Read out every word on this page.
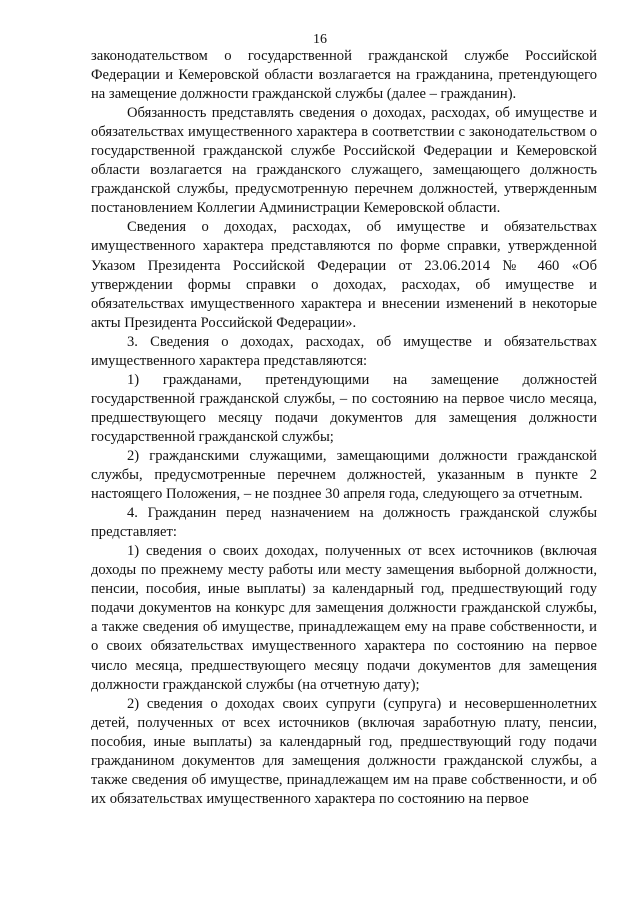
16

законодательством о государственной гражданской службе Российской Федерации и Кемеровской области возлагается на гражданина, претендующего на замещение должности гражданской службы (далее – гражданин).

Обязанность представлять сведения о доходах, расходах, об имуществе и обязательствах имущественного характера в соответствии с законодательством о государственной гражданской службе Российской Федерации и Кемеровской области возлагается на гражданского служащего, замещающего должность гражданской службы, предусмотренную перечнем должностей, утвержденным постановлением Коллегии Администрации Кемеровской области.

Сведения о доходах, расходах, об имуществе и обязательствах имущественного характера представляются по форме справки, утвержденной Указом Президента Российской Федерации от 23.06.2014 № 460 «Об утверждении формы справки о доходах, расходах, об имуществе и обязательствах имущественного характера и внесении изменений в некоторые акты Президента Российской Федерации».

3. Сведения о доходах, расходах, об имуществе и обязательствах имущественного характера представляются:

1) гражданами, претендующими на замещение должностей государственной гражданской службы, – по состоянию на первое число месяца, предшествующего месяцу подачи документов для замещения должности государственной гражданской службы;

2) гражданскими служащими, замещающими должности гражданской службы, предусмотренные перечнем должностей, указанным в пункте 2 настоящего Положения, – не позднее 30 апреля года, следующего за отчетным.

4. Гражданин перед назначением на должность гражданской службы представляет:

1) сведения о своих доходах, полученных от всех источников (включая доходы по прежнему месту работы или месту замещения выборной должности, пенсии, пособия, иные выплаты) за календарный год, предшествующий году подачи документов на конкурс для замещения должности гражданской службы, а также сведения об имуществе, принадлежащем ему на праве собственности, и о своих обязательствах имущественного характера по состоянию на первое число месяца, предшествующего месяцу подачи документов для замещения должности гражданской службы (на отчетную дату);

2) сведения о доходах своих супруги (супруга) и несовершеннолетних детей, полученных от всех источников (включая заработную плату, пенсии, пособия, иные выплаты) за календарный год, предшествующий году подачи гражданином документов для замещения должности гражданской службы, а также сведения об имуществе, принадлежащем им на праве собственности, и об их обязательствах имущественного характера по состоянию на первое
